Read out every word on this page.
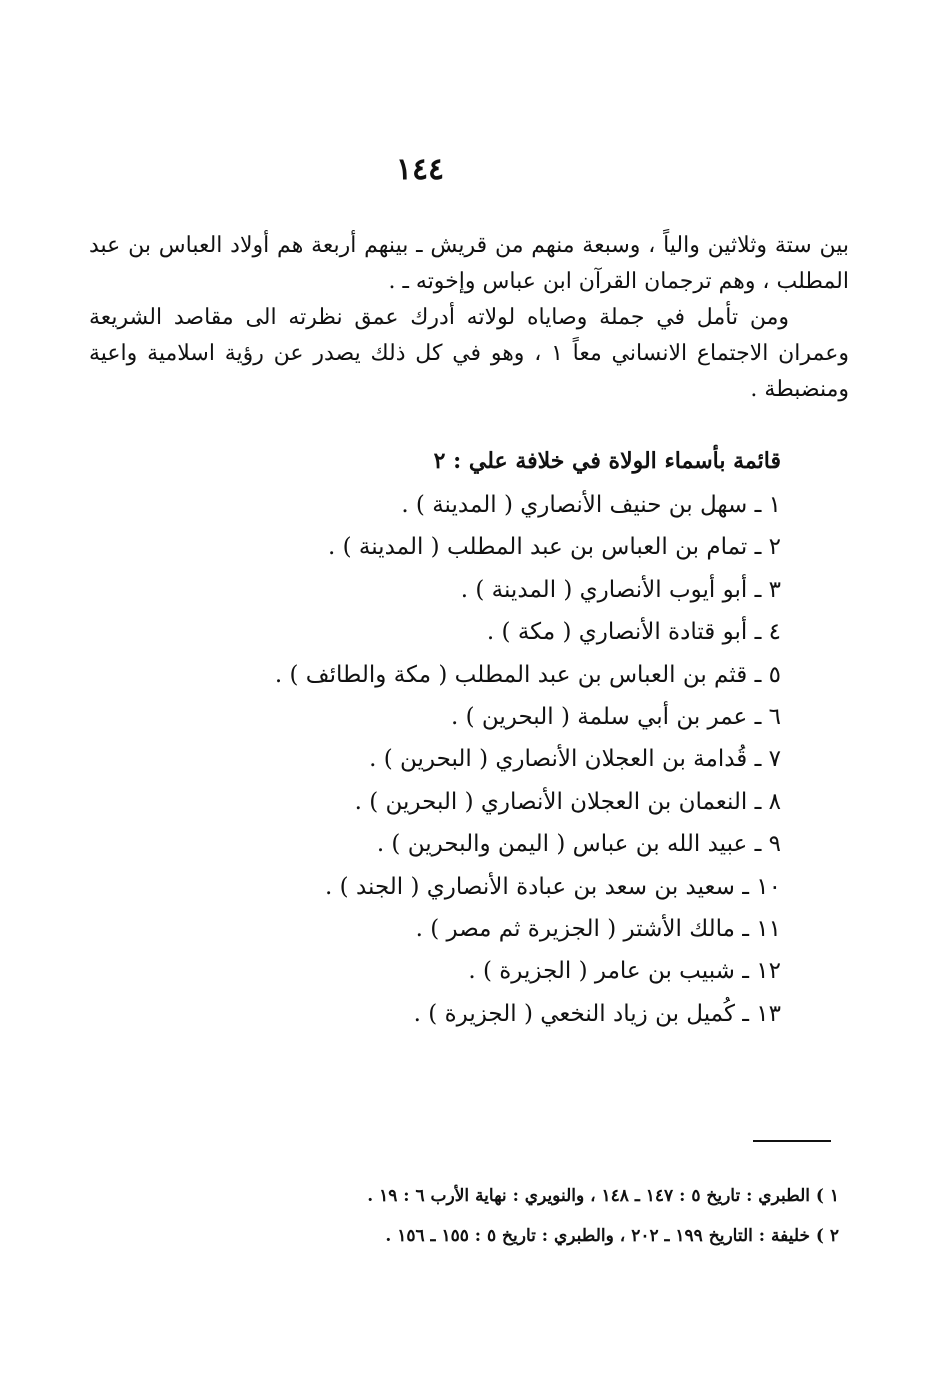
١٤٤

بين ستة وثلاثين والياً ، وسبعة منهم من قريش ـ بينهم أربعة هم أولاد العباس بن عبد المطلب ، وهم ترجمان القرآن ابن عباس وإخوته ـ .

ومن تأمل في جملة وصاياه لولاته أدرك عمق نظرته الى مقاصد الشريعة وعمران الاجتماع الانساني معاً ١ ، وهو في كل ذلك يصدر عن رؤية اسلامية واعية ومنضبطة .

قائمة بأسماء الولاة في خلافة علي : ٢
١ ـ سهل بن حنيف الأنصاري ( المدينة ) .
٢ ـ تمام بن العباس بن عبد المطلب ( المدينة ) .
٣ ـ أبو أيوب الأنصاري ( المدينة ) .
٤ ـ أبو قتادة الأنصاري ( مكة ) .
٥ ـ قثم بن العباس بن عبد المطلب ( مكة والطائف ) .
٦ ـ عمر بن أبي سلمة ( البحرين ) .
٧ ـ قُدامة بن العجلان الأنصاري ( البحرين ) .
٨ ـ النعمان بن العجلان الأنصاري ( البحرين ) .
٩ ـ عبيد الله بن عباس ( اليمن والبحرين ) .
١٠ ـ سعيد بن سعد بن عبادة الأنصاري ( الجند ) .
١١ ـ مالك الأشتر ( الجزيرة ثم مصر ) .
١٢ ـ شبيب بن عامر ( الجزيرة ) .
١٣ ـ كُميل بن زياد النخعي ( الجزيرة ) .

١ ) الطبري : تاريخ ٥ : ١٤٧ ـ ١٤٨ ، والنويري : نهاية الأرب ٦ : ١٩ .

٢ ) خليفة : التاريخ ١٩٩ ـ ٢٠٢ ، والطبري : تاريخ ٥ : ١٥٥ ـ ١٥٦ .
